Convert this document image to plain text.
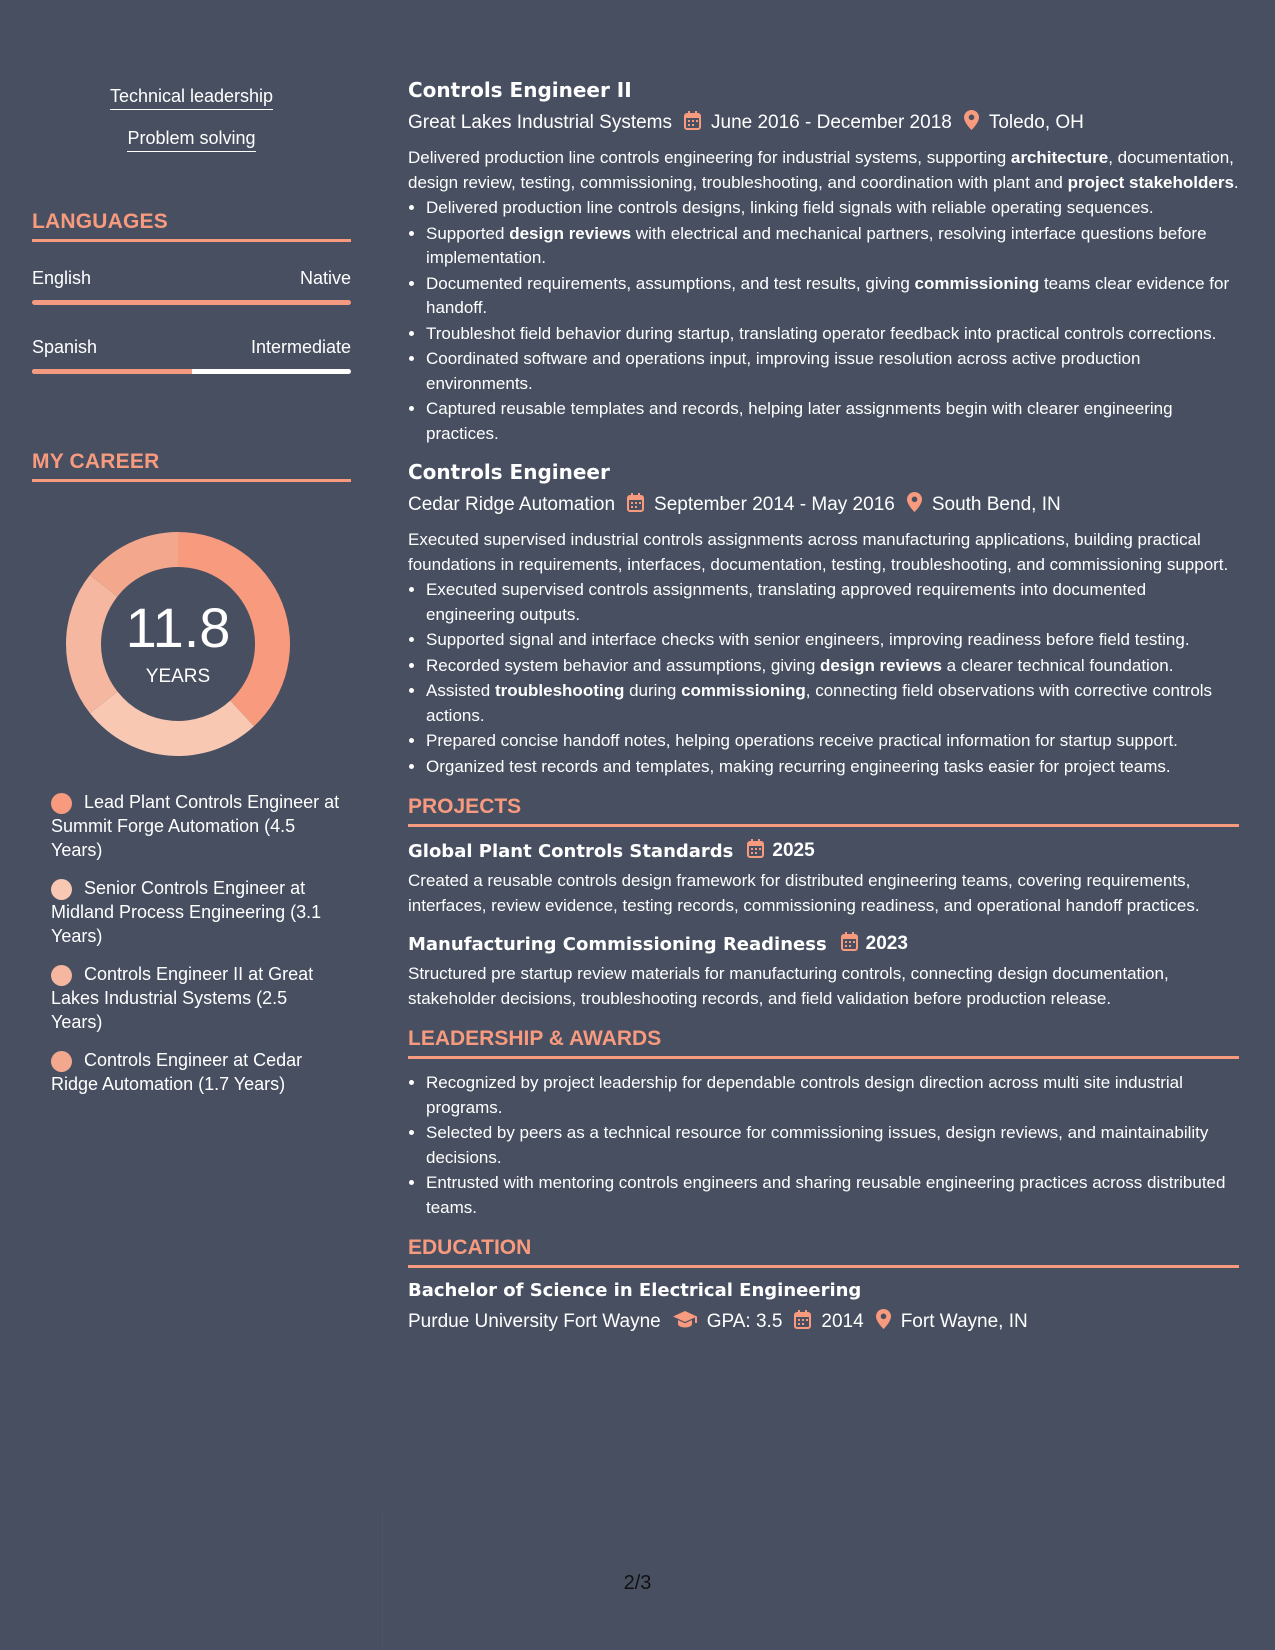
Technical leadership
Problem solving
LANGUAGES
English	Native
Spanish	Intermediate
MY CAREER
11.8
YEARS
Lead Plant Controls Engineer at Summit Forge Automation (4.5 Years)
Senior Controls Engineer at Midland Process Engineering (3.1 Years)
Controls Engineer II at Great Lakes Industrial Systems (2.5 Years)
Controls Engineer at Cedar Ridge Automation (1.7 Years)
Controls Engineer II
Great Lakes Industrial Systems June 2016 - December 2018 Toledo, OH
Delivered production line controls engineering for industrial systems, supporting architecture, documentation, design review, testing, commissioning, troubleshooting, and coordination with plant and project stakeholders.
• Delivered production line controls designs, linking field signals with reliable operating sequences.
• Supported design reviews with electrical and mechanical partners, resolving interface questions before implementation.
• Documented requirements, assumptions, and test results, giving commissioning teams clear evidence for handoff.
• Troubleshot field behavior during startup, translating operator feedback into practical controls corrections.
• Coordinated software and operations input, improving issue resolution across active production environments.
• Captured reusable templates and records, helping later assignments begin with clearer engineering practices.
Controls Engineer
Cedar Ridge Automation September 2014 - May 2016 South Bend, IN
Executed supervised industrial controls assignments across manufacturing applications, building practical foundations in requirements, interfaces, documentation, testing, troubleshooting, and commissioning support.
• Executed supervised controls assignments, translating approved requirements into documented engineering outputs.
• Supported signal and interface checks with senior engineers, improving readiness before field testing.
• Recorded system behavior and assumptions, giving design reviews a clearer technical foundation.
• Assisted troubleshooting during commissioning, connecting field observations with corrective controls actions.
• Prepared concise handoff notes, helping operations receive practical information for startup support.
• Organized test records and templates, making recurring engineering tasks easier for project teams.
PROJECTS
Global Plant Controls Standards 2025
Created a reusable controls design framework for distributed engineering teams, covering requirements, interfaces, review evidence, testing records, commissioning readiness, and operational handoff practices.
Manufacturing Commissioning Readiness 2023
Structured pre startup review materials for manufacturing controls, connecting design documentation, stakeholder decisions, troubleshooting records, and field validation before production release.
LEADERSHIP & AWARDS
• Recognized by project leadership for dependable controls design direction across multi site industrial programs.
• Selected by peers as a technical resource for commissioning issues, design reviews, and maintainability decisions.
• Entrusted with mentoring controls engineers and sharing reusable engineering practices across distributed teams.
EDUCATION
Bachelor of Science in Electrical Engineering
Purdue University Fort Wayne GPA: 3.5 2014 Fort Wayne, IN
2/3
